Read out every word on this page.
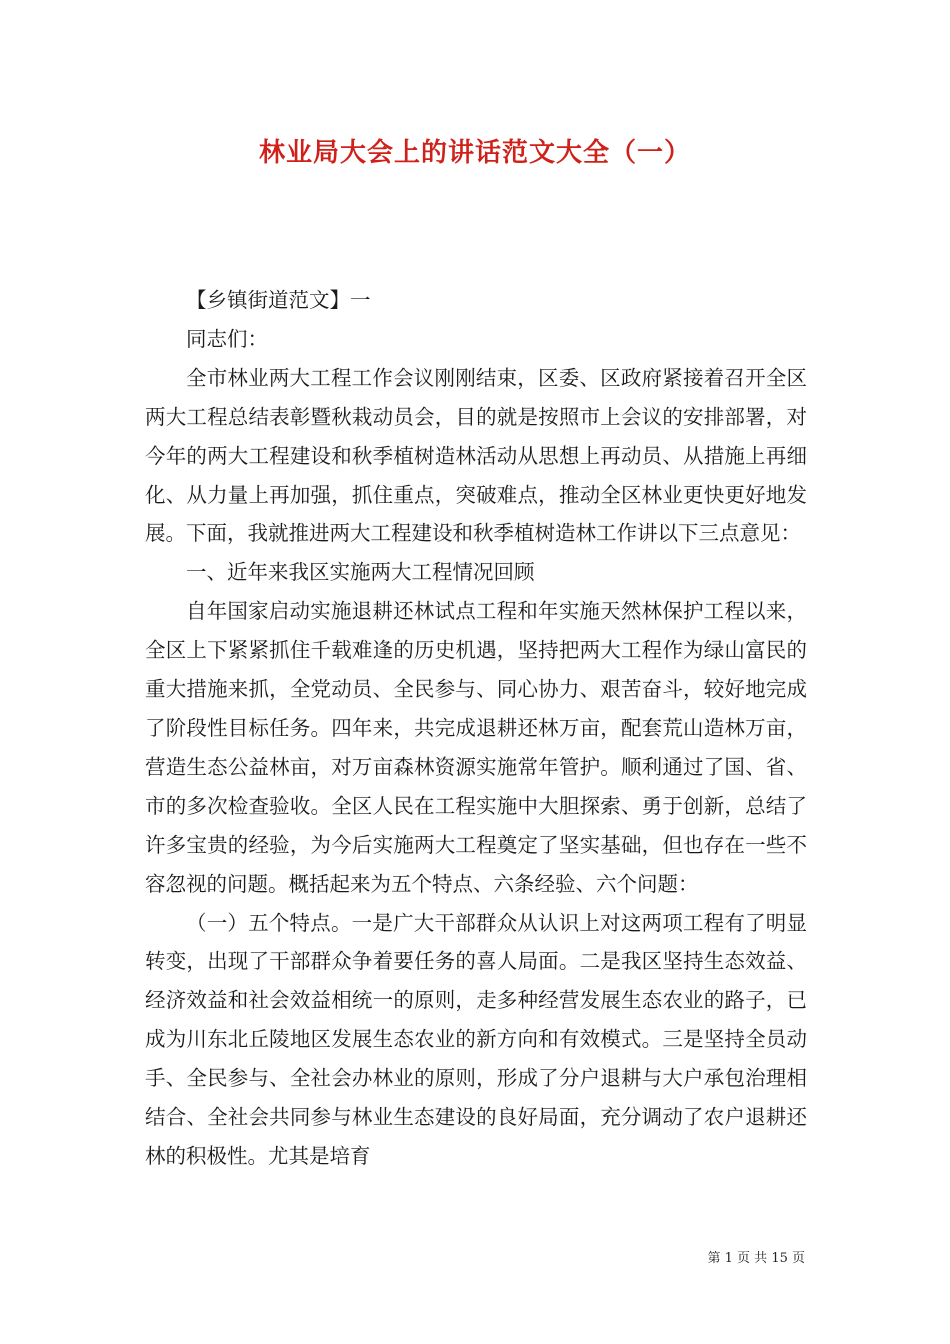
林业局大会上的讲话范文大全（一）

【乡镇街道范文】一

同志们：

全市林业两大工程工作会议刚刚结束，区委、区政府紧接着召开全区两大工程总结表彰暨秋栽动员会，目的就是按照市上会议的安排部署，对今年的两大工程建设和秋季植树造林活动从思想上再动员、从措施上再细化、从力量上再加强，抓住重点，突破难点，推动全区林业更快更好地发展。下面，我就推进两大工程建设和秋季植树造林工作讲以下三点意见：

一、近年来我区实施两大工程情况回顾

自年国家启动实施退耕还林试点工程和年实施天然林保护工程以来，全区上下紧紧抓住千载难逢的历史机遇，坚持把两大工程作为绿山富民的重大措施来抓，全党动员、全民参与、同心协力、艰苦奋斗，较好地完成了阶段性目标任务。四年来，共完成退耕还林万亩，配套荒山造林万亩，营造生态公益林亩，对万亩森林资源实施常年管护。顺利通过了国、省、市的多次检查验收。全区人民在工程实施中大胆探索、勇于创新，总结了许多宝贵的经验，为今后实施两大工程奠定了坚实基础，但也存在一些不容忽视的问题。概括起来为五个特点、六条经验、六个问题：

（一）五个特点。一是广大干部群众从认识上对这两项工程有了明显转变，出现了干部群众争着要任务的喜人局面。二是我区坚持生态效益、经济效益和社会效益相统一的原则，走多种经营发展生态农业的路子，已成为川东北丘陵地区发展生态农业的新方向和有效模式。三是坚持全员动手、全民参与、全社会办林业的原则，形成了分户退耕与大户承包治理相结合、全社会共同参与林业生态建设的良好局面，充分调动了农户退耕还林的积极性。尤其是培育

第 1 页 共 15 页
